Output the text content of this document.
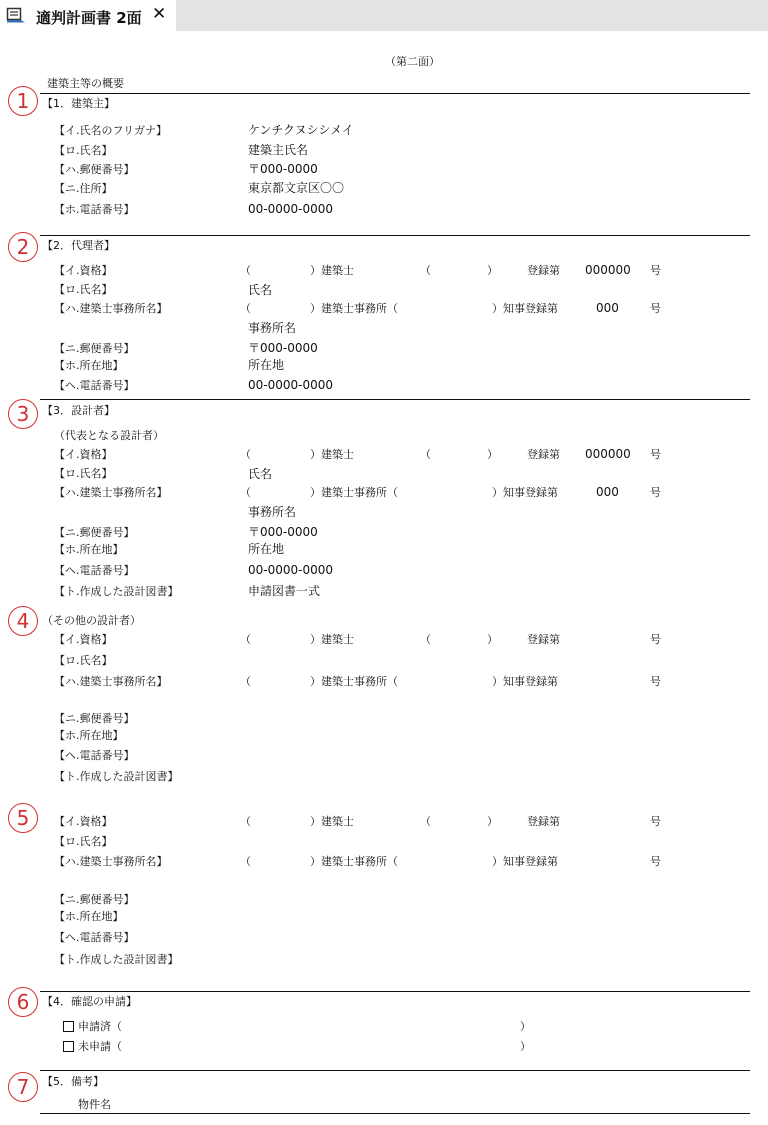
適判計画書 2面 ✕
（第二面）
建築主等の概要
1
2
3
4
5
6
7
【1．建築主】
【イ.氏名のフリガナ】	ケンチクヌシシメイ
【ロ.氏名】	建築主氏名
【ハ.郵便番号】	〒000-0000
【ニ.住所】	東京都文京区〇〇
【ホ.電話番号】	00-0000-0000
【2．代理者】
【イ.資格】	（	）建築士	（	）	登録第 000000 号
【ロ.氏名】	氏名
【ハ.建築士事務所名】	（	）建築士事務所（	）知事登録第	000	号
事務所名
【ニ.郵便番号】	〒000-0000
【ホ.所在地】	所在地
【ヘ.電話番号】	00-0000-0000
【3．設計者】
（代表となる設計者）
【イ.資格】	（	）建築士	（	）	登録第 000000 号
【ロ.氏名】	氏名
【ハ.建築士事務所名】	（	）建築士事務所（	）知事登録第	000	号
事務所名
【ニ.郵便番号】	〒000-0000
【ホ.所在地】	所在地
【ヘ.電話番号】	00-0000-0000
【ト.作成した設計図書】	申請図書一式
（その他の設計者）
【イ.資格】	（	）建築士	（	）	登録第	号
【ロ.氏名】
【ハ.建築士事務所名】	（	）建築士事務所（	）知事登録第	号
【ニ.郵便番号】
【ホ.所在地】
【ヘ.電話番号】
【ト.作成した設計図書】
【イ.資格】	（	）建築士	（	）	登録第	号
【ロ.氏名】
【ハ.建築士事務所名】	（	）建築士事務所（	）知事登録第	号
【ニ.郵便番号】
【ホ.所在地】
【ヘ.電話番号】
【ト.作成した設計図書】
【4．確認の申請】
申請済（	）
未申請（	）
【5．備考】
物件名
